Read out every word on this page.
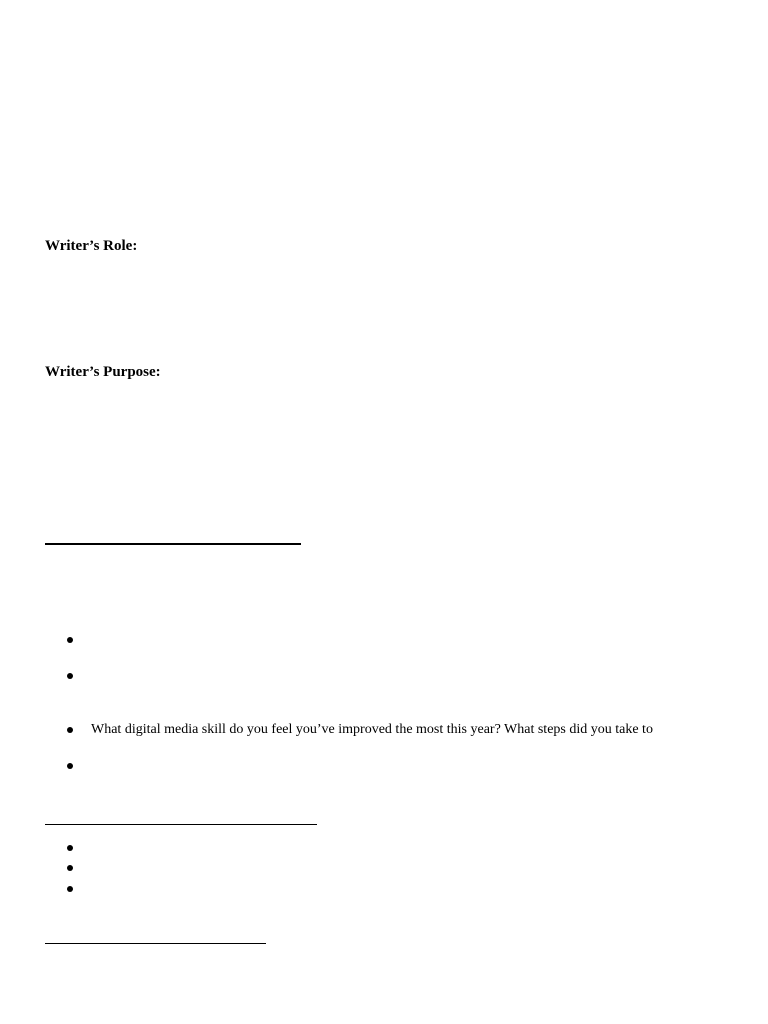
Writer’s Role:
Writer’s Purpose:
What digital media skill do you feel you’ve improved the most this year? What steps did you take to
